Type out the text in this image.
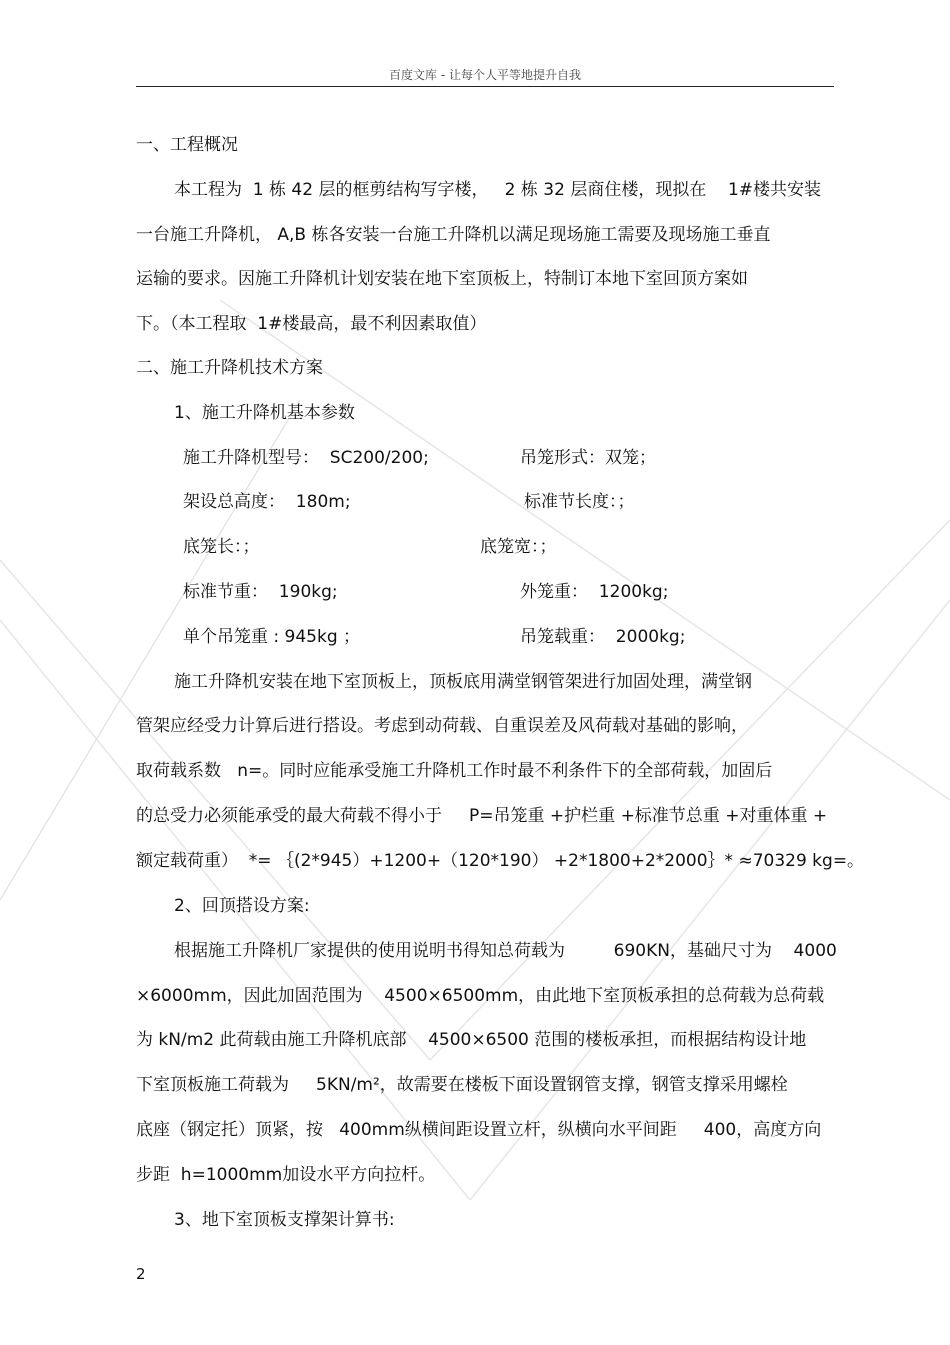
百度文库 - 让每个人平等地提升自我
一、工程概况
本工程为  1 栋 42 层的框剪结构写字楼，   2 栋 32 层商住楼，现拟在    1#楼共安装
一台施工升降机， A,B 栋各安装一台施工升降机以满足现场施工需要及现场施工垂直
运输的要求。因施工升降机计划安装在地下室顶板上，特制订本地下室回顶方案如
下。（本工程取  1#楼最高，最不利因素取值）
二、施工升降机技术方案
1、施工升降机基本参数
施工升降机型号：  SC200/200;	吊笼形式：双笼；
架设总高度：  180m;	标准节长度：；
底笼长：；	底笼宽：；
标准节重：  190kg;	外笼重：  1200kg;
单个吊笼重 : 945kg ；	吊笼载重：  2000kg;
施工升降机安装在地下室顶板上，顶板底用满堂钢管架进行加固处理，满堂钢
管架应经受力计算后进行搭设。考虑到动荷载、自重误差及风荷载对基础的影响，
取荷载系数   n=。同时应能承受施工升降机工作时最不利条件下的全部荷载，加固后
的总受力必须能承受的最大荷载不得小于     P=吊笼重 +护栏重 +标准节总重 +对重体重 +
额定载荷重）  *= ｛(2*945）+1200+（120*190） +2*1800+2*2000｝* ≈70329 kg=。
2、回顶搭设方案:
根据施工升降机厂家提供的使用说明书得知总荷载为         690KN，基础尺寸为    4000
×6000mm，因此加固范围为    4500×6500mm，由此地下室顶板承担的总荷载为总荷载
为 kN/m2 此荷载由施工升降机底部    4500×6500 范围的楼板承担，而根据结构设计地
下室顶板施工荷载为     5KN/m²，故需要在楼板下面设置钢管支撑，钢管支撑采用螺栓
底座（钢定托）顶紧，按   400mm纵横间距设置立杆，纵横向水平间距     400，高度方向
步距  h=1000mm加设水平方向拉杆。
3、地下室顶板支撑架计算书:
2
